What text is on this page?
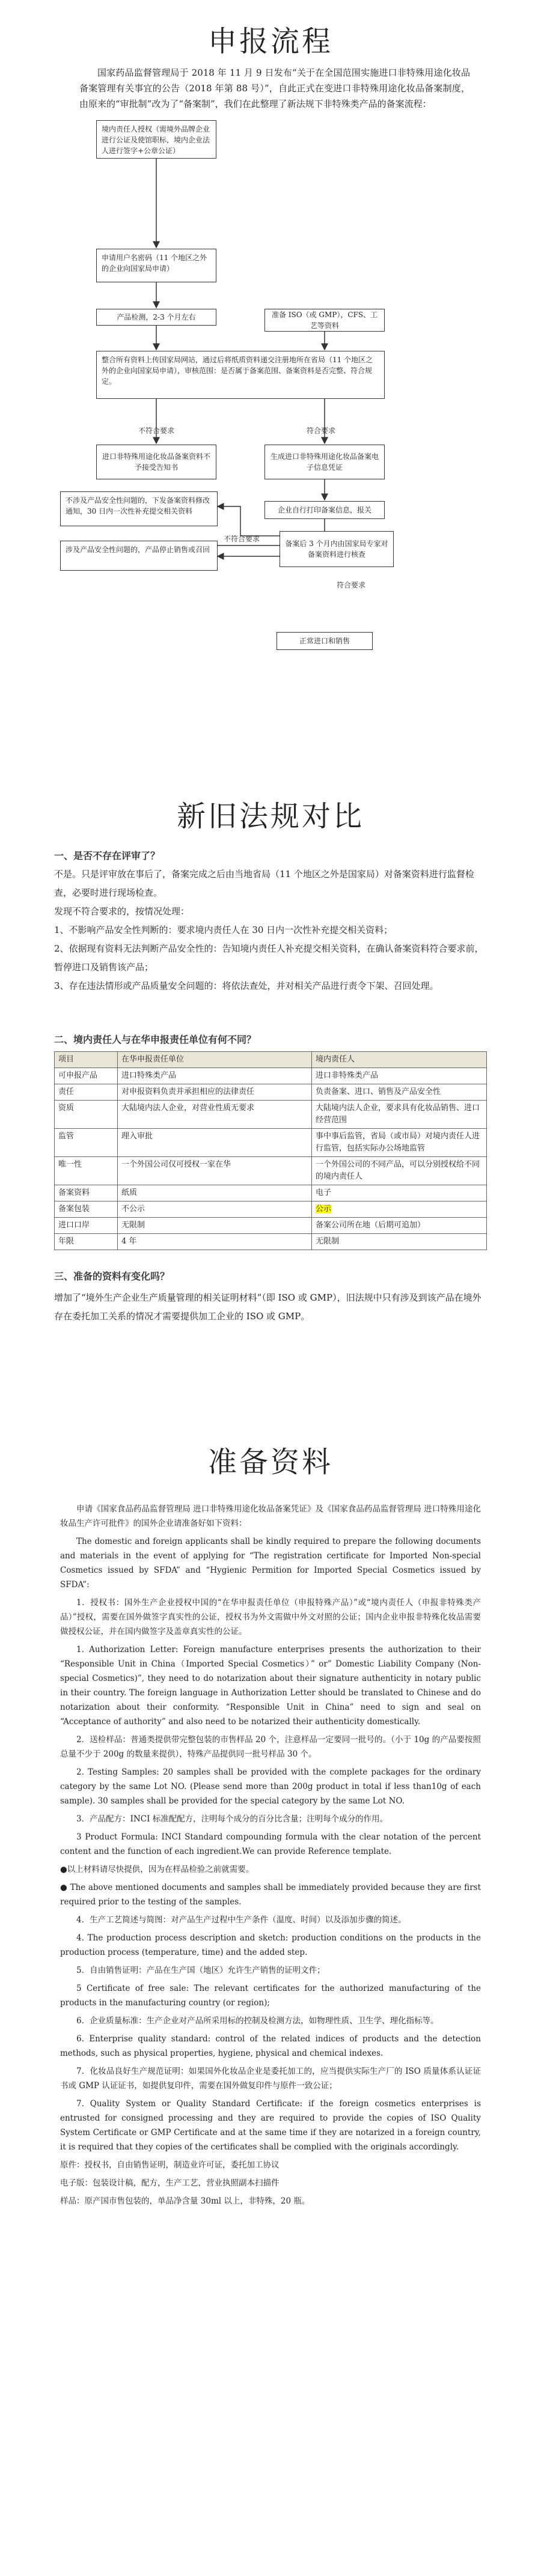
申报流程
国家药品监督管理局于 2018 年 11 月 9 日发布“关于在全国范围实施进口非特殊用途化妆品备案管理有关事宜的公告（2018 年第 88 号）”，自此正式在变进口非特殊用途化妆品备案制度，由原来的“审批制”改为了“备案制”，我们在此整理了新法规下非特殊类产品的备案流程：
境内责任人授权（需境外品牌企业进行公证及使馆职标，境内企业法人进行签字+公章公证）
申请用户名密码（11 个地区之外的企业向国家局申请）
产品检测，2-3 个月左右	准备 ISO（或 GMP），CFS、工艺等资料
整合所有资料上传国家局网站，通过后将纸质资料递交注册地所在省局（11 个地区之外的企业向国家局申请），审核范围：是否属于备案范围、备案资料是否完整、符合规定。
不符合要求	符合要求
进口非特殊用途化妆品备案资料不予接受告知书
生成进口非特殊用途化妆品备案电子信息凭证
企业自行打印备案信息，报关
不涉及产品安全性问题的，下发备案资料修改通知，30 日内一次性补充提交相关资料
备案后 3 个月内由国家局专家对备案资料进行核查
不符合要求
涉及产品安全性问题的，产品停止销售或召回
符合要求
正常进口和销售
新旧法规对比
一、是否不存在评审了？

不是。只是评审放在事后了，备案完成之后由当地省局（11 个地区之外是国家局）对备案资料进行监督检查，必要时进行现场检查。

发现不符合要求的，按情况处理：

1、不影响产品安全性判断的：要求境内责任人在 30 日内一次性补充提交相关资料；

2、依据现有资料无法判断产品安全性的：告知境内责任人补充提交相关资料，在确认备案资料符合要求前，暂停进口及销售该产品；

3、存在违法情形或产品质量安全问题的：将依法查处，并对相关产品进行责令下架、召回处理。

二、境内责任人与在华申报责任单位有何不同？
项目	在华申报责任单位	境内责任人
可申报产品	进口特殊类产品	进口非特殊类产品
责任	对申报资料负责并承担相应的法律责任	负责备案、进口、销售及产品安全性
资质	大陆境内法人企业，对营业性质无要求	大陆境内法人企业，要求具有化妆品销售、进口经营范围
监管	理入审批	事中事后监管，省局（或市局）对境内责任人进行监管，包括实际办公场地监管
唯一性	一个外国公司仅可授权一家在华	一个外国公司的不同产品，可以分别授权给不同的境内责任人
备案资料	纸质	电子
备案包装	不公示	公示
进口口岸	无限制	备案公司所在地（后期可追加）
年限	4 年	无限制
三、准备的资料有变化吗？
增加了“境外生产企业生产质量管理的相关证明材料”（即 ISO 或 GMP），旧法规中只有涉及到该产品在境外存在委托加工关系的情况才需要提供加工企业的 ISO 或 GMP。
准备资料

申请《国家食品药品监督管理局 进口非特殊用途化妆品备案凭证》及《国家食品药品监督管理局 进口特殊用途化妆品生产许可批件》的国外企业请准备好如下资料：

The domestic and foreign applicants shall be kindly required to prepare the following documents and materials in the event of applying for “The registration certificate for Imported Non-special Cosmetics issued by SFDA” and “Hygienic Permition for Imported Special Cosmetics issued by SFDA”:

1．授权书：国外生产企业授权中国的“在华申报责任单位（申报特殊产品）”或“境内责任人（申报非特殊类产品）”授权，需要在国外做签字真实性的公证，授权书为外文需做中外文对照的公证；国内企业申报非特殊化妆品需要做授权公证，并在国内做签字及盖章真实性的公证。

1. Authorization Letter: Foreign manufacture enterprises presents the authorization to their “Responsible Unit in China（Imported Special Cosmetics）” or” Domestic Liability Company (Non-special Cosmetics)”, they need to do notarization about their signature authenticity in notary public in their country. The foreign language in Authorization Letter should be translated to Chinese and do notarization about their conformity. “Responsible Unit in China” need to sign and seal on “Acceptance of authority” and also need to be notarized their authenticity domestically.

2．送检样品：普通类提供带完整包装的市售样品 20 个，注意样品一定要同一批号的。（小于 10g 的产品要按照总量不少于 200g 的数量来提供），特殊产品提供同一批号样品 30 个。

2. Testing Samples: 20 samples shall be provided with the complete packages for the ordinary category by the same Lot NO. (Please send more than 200g product in total if less than10g of each sample). 30 samples shall be provided for the special category by the same Lot NO.

3．产品配方：INCI 标准配配方，注明每个成分的百分比含量；注明每个成分的作用。

3 Product Formula: INCI Standard compounding formula with the clear notation of the percent content and the function of each ingredient.We can provide Reference template.

●以上材料请尽快提供，因为在样品检验之前就需要。

● The above mentioned documents and samples shall be immediately provided because they are first required prior to the testing of the samples.

4．生产工艺简述与简图：对产品生产过程中生产条件（温度、时间）以及添加步骤的简述。

4. The production process description and sketch: production conditions on the products in the production process (temperature, time) and the added step.

5．自由销售证明：产品在生产国（地区）允许生产销售的证明文件；

5 Certificate of free sale: The relevant certificates for the authorized manufacturing of the products in the manufacturing country (or region);

6．企业质量标准：生产企业对产品所采用标的控制及检测方法，如物理性质、卫生学、理化指标等。

6. Enterprise quality standard: control of the related indices of products and the detection methods, such as physical properties, hygiene, physical and chemical indexes.

7．化妆品良好生产规范证明：如果国外化妆品企业是委托加工的，应当提供实际生产厂的 ISO 质量体系认证证书或 GMP 认证证书，如提供复印件，需要在国外做复印件与原件一致公证；

7. Quality System or Quality Standard Certificate: if the foreign cosmetics enterprises is entrusted for consigned processing and they are required to provide the copies of ISO Quality System Certificate or GMP Certificate and at the same time if they are notarized in a foreign country, it is required that they copies of the certificates shall be complied with the originals accordingly.

原件：授权书，自由销售证明，制造业许可证，委托加工协议

电子版：包装设计稿，配方，生产工艺，营业执照副本扫描件

样品：原产国市售包装的，单品净含量 30ml 以上，非特殊，20 瓶。
